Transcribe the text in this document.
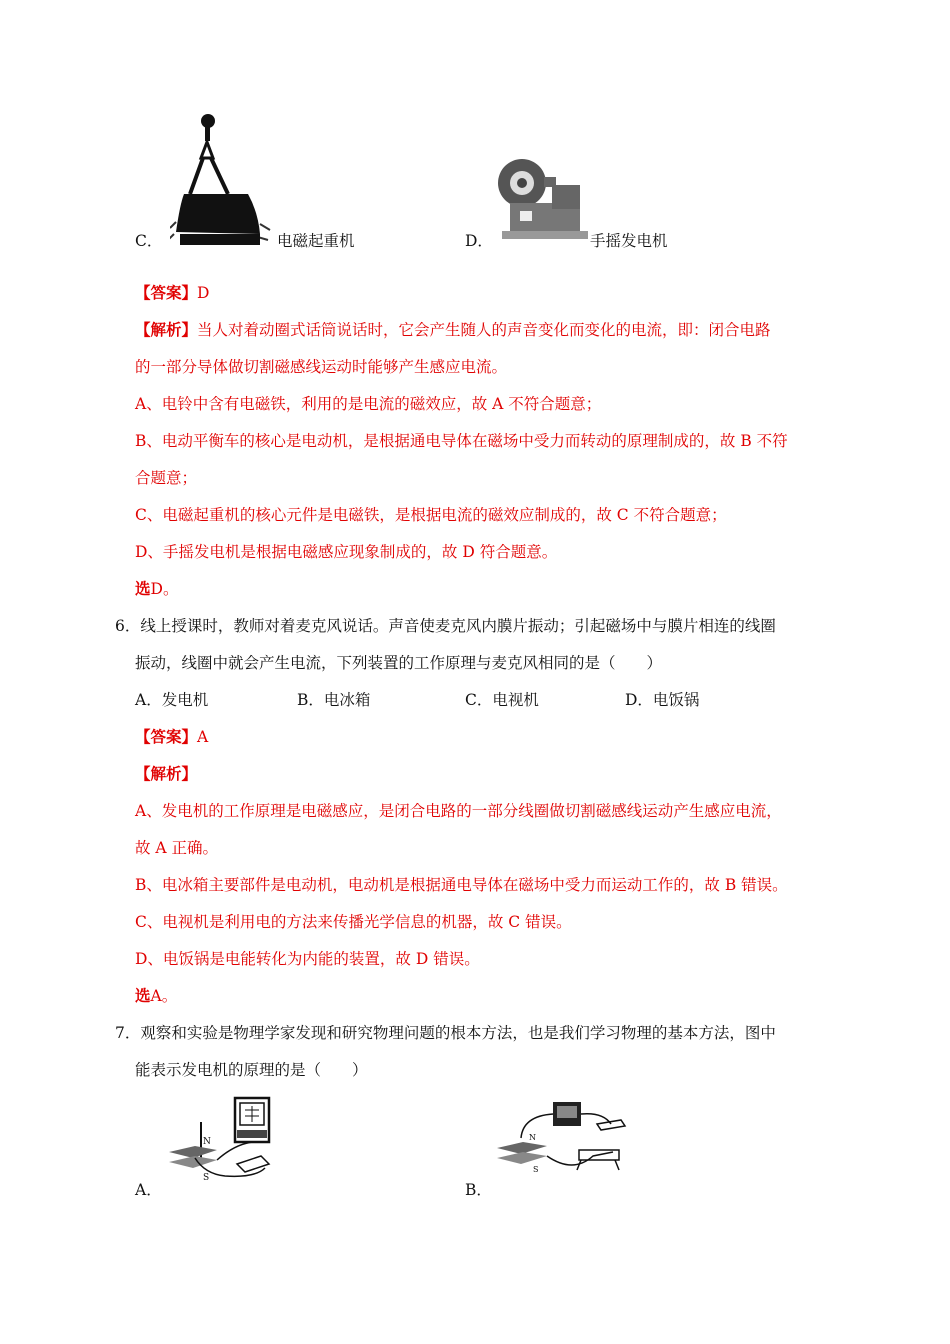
C．	电磁起重机	D．	手摇发电机
【答案】D
【解析】当人对着动圈式话筒说话时，它会产生随人的声音变化而变化的电流，即：闭合电路
的一部分导体做切割磁感线运动时能够产生感应电流。
A、电铃中含有电磁铁，利用的是电流的磁效应，故 A 不符合题意；
B、电动平衡车的核心是电动机，是根据通电导体在磁场中受力而转动的原理制成的，故 B 不符
合题意；
C、电磁起重机的核心元件是电磁铁，是根据电流的磁效应制成的，故 C 不符合题意；
D、手摇发电机是根据电磁感应现象制成的，故 D 符合题意。
选D。
6．线上授课时，教师对着麦克风说话。声音使麦克风内膜片振动；引起磁场中与膜片相连的线圈
振动，线圈中就会产生电流，下列装置的工作原理与麦克风相同的是（　　）
A．发电机	B．电冰箱	C．电视机	D．电饭锅
【答案】A
【解析】
A、发电机的工作原理是电磁感应，是闭合电路的一部分线圈做切割磁感线运动产生感应电流，
故 A 正确。
B、电冰箱主要部件是电动机，电动机是根据通电导体在磁场中受力而运动工作的，故 B 错误。
C、电视机是利用电的方法来传播光学信息的机器，故 C 错误。
D、电饭锅是电能转化为内能的装置，故 D 错误。
选A。
7．观察和实验是物理学家发现和研究物理问题的根本方法，也是我们学习物理的基本方法，图中
能表示发电机的原理的是（　　）
A．
N
S
B．
N
S
